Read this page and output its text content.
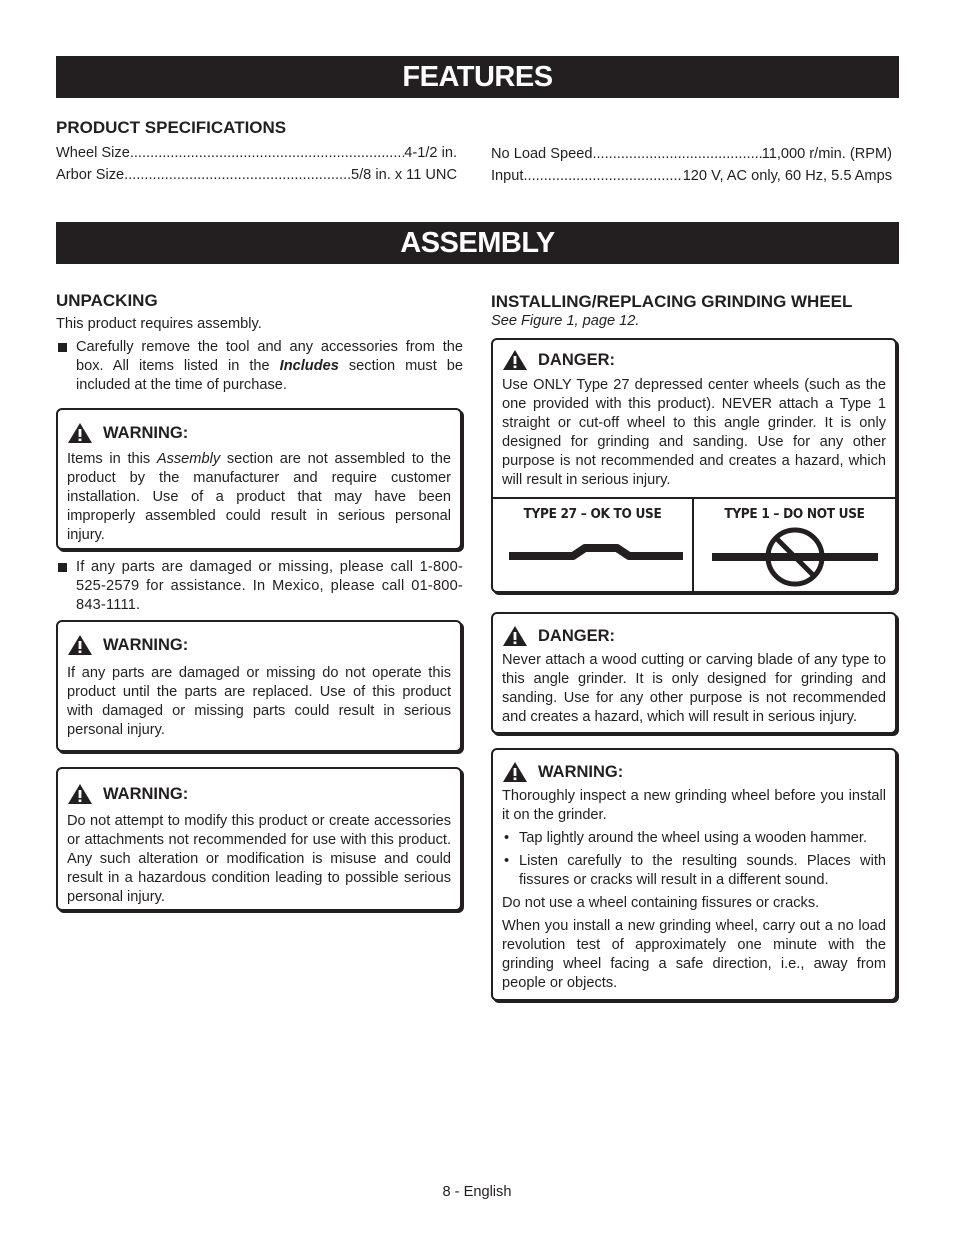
FEATURES
PRODUCT SPECIFICATIONS
Wheel Size .....	4-1/2 in.
Arbor Size .....	5/8 in. x 11 UNC
No Load Speed .....	11,000 r/min. (RPM)
Input .....	120 V, AC only, 60 Hz, 5.5 Amps
ASSEMBLY
UNPACKING
This product requires assembly.
Carefully remove the tool and any accessories from the box. All items listed in the Includes section must be included at the time of purchase.
WARNING:
Items in this Assembly section are not assembled to the product by the manufacturer and require customer installation. Use of a product that may have been improperly assembled could result in serious personal injury.
If any parts are damaged or missing, please call 1-800-525-2579 for assistance. In Mexico, please call 01-800-843-1111.
WARNING:
If any parts are damaged or missing do not operate this product until the parts are replaced. Use of this product with damaged or missing parts could result in serious personal injury.
WARNING:
Do not attempt to modify this product or create accessories or attachments not recommended for use with this product. Any such alteration or modification is misuse and could result in a hazardous condition leading to possible serious personal injury.
INSTALLING/REPLACING GRINDING WHEEL
See Figure 1, page 12.
DANGER:
Use ONLY Type 27 depressed center wheels (such as the one provided with this product). NEVER attach a Type 1 straight or cut-off wheel to this angle grinder. It is only designed for grinding and sanding. Use for any other purpose is not recommended and creates a hazard, which will result in serious injury.
TYPE 27 – OK TO USE	TYPE 1 – DO NOT USE
DANGER:
Never attach a wood cutting or carving blade of any type to this angle grinder. It is only designed for grinding and sanding. Use for any other purpose is not recommended and creates a hazard, which will result in serious injury.
WARNING:
Thoroughly inspect a new grinding wheel before you install it on the grinder.
• Tap lightly around the wheel using a wooden hammer.
• Listen carefully to the resulting sounds. Places with fissures or cracks will result in a different sound.
Do not use a wheel containing fissures or cracks.
When you install a new grinding wheel, carry out a no load revolution test of approximately one minute with the grinding wheel facing a safe direction, i.e., away from people or objects.
8 - English
